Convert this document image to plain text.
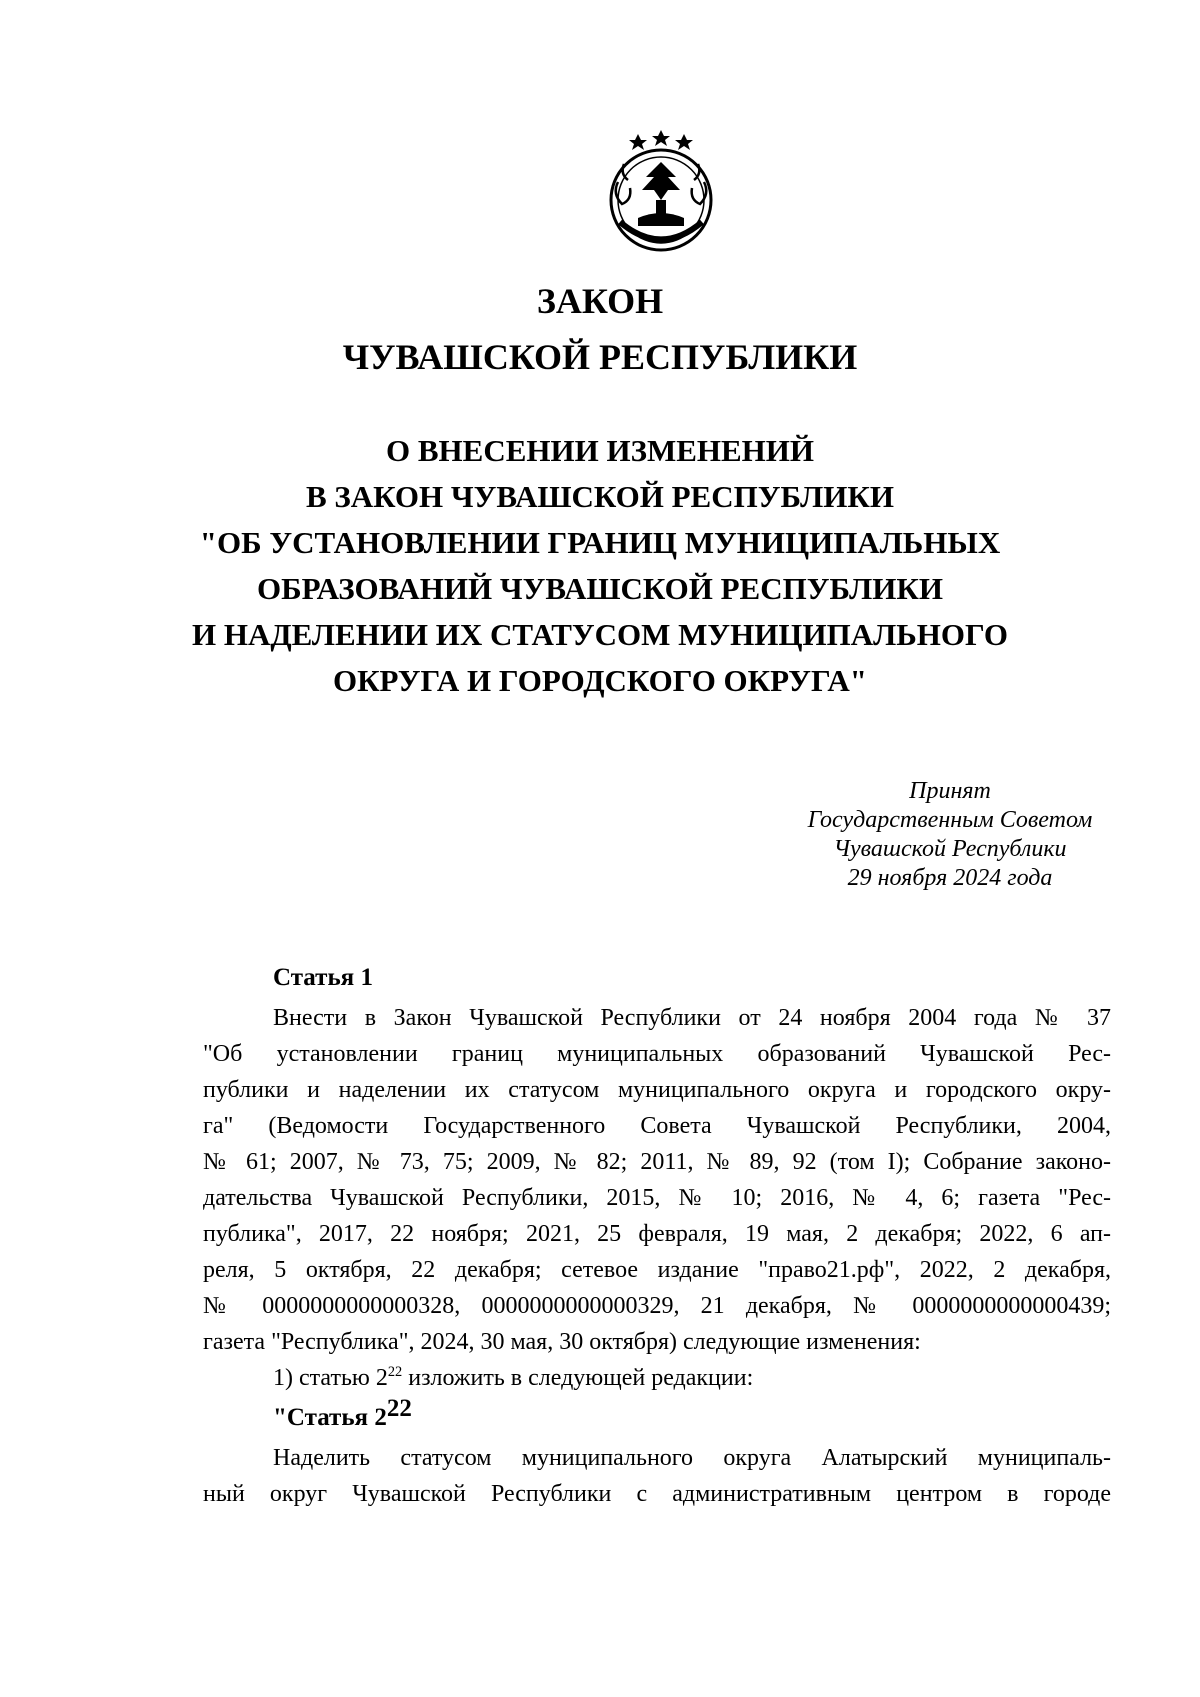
ЗАКОН
ЧУВАШСКОЙ РЕСПУБЛИКИ
О ВНЕСЕНИИ ИЗМЕНЕНИЙ
В ЗАКОН ЧУВАШСКОЙ РЕСПУБЛИКИ
"ОБ УСТАНОВЛЕНИИ ГРАНИЦ МУНИЦИПАЛЬНЫХ
ОБРАЗОВАНИЙ ЧУВАШСКОЙ РЕСПУБЛИКИ
И НАДЕЛЕНИИ ИХ СТАТУСОМ МУНИЦИПАЛЬНОГО
ОКРУГА И ГОРОДСКОГО ОКРУГА"
Принят
Государственным Советом
Чувашской Республики
29 ноября 2024 года
Статья 1
Внести в Закон Чувашской Республики от 24 ноября 2004 года № 37
"Об установлении границ муниципальных образований Чувашской Рес-
публики и наделении их статусом муниципального округа и городского окру-
га" (Ведомости Государственного Совета Чувашской Республики, 2004,
№ 61; 2007, № 73, 75; 2009, № 82; 2011, № 89, 92 (том I); Собрание законо-
дательства Чувашской Республики, 2015, № 10; 2016, № 4, 6; газета "Рес-
публика", 2017, 22 ноября; 2021, 25 февраля, 19 мая, 2 декабря; 2022, 6 ап-
реля, 5 октября, 22 декабря; сетевое издание "право21.рф", 2022, 2 декабря,
№ 0000000000000328, 0000000000000329, 21 декабря, № 0000000000000439;
газета "Республика", 2024, 30 мая, 30 октября) следующие изменения:
1) статью $2^{22}$ изложить в следующей редакции:
"Статья $2^{22}$
Наделить статусом муниципального округа Алатырский муниципаль-
ный округ Чувашской Республики с административным центром в городе
